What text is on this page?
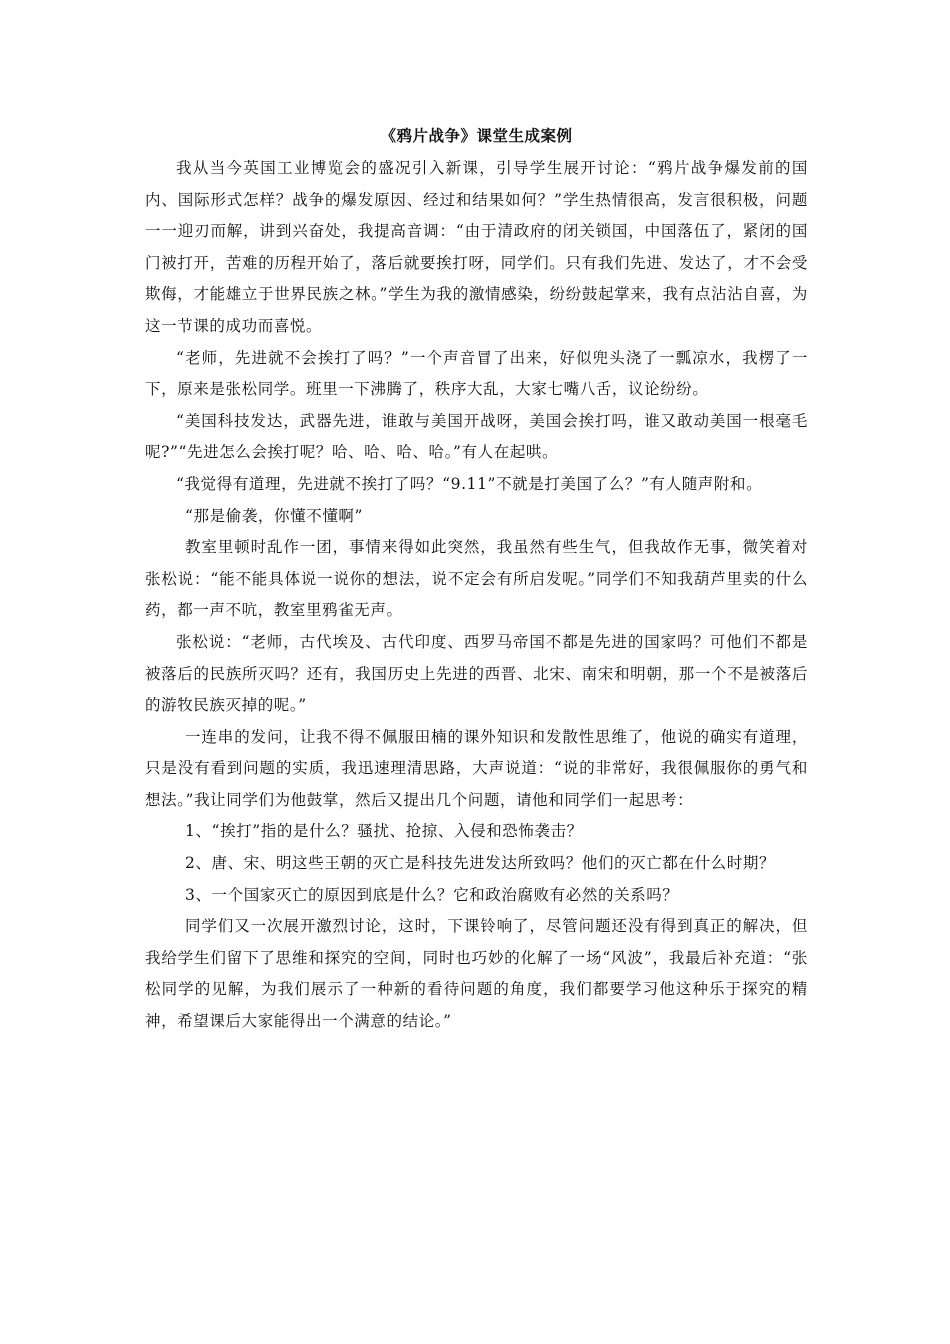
《鸦片战争》课堂生成案例

我从当今英国工业博览会的盛况引入新课，引导学生展开讨论：“鸦片战争爆发前的国内、国际形式怎样？战争的爆发原因、经过和结果如何？”学生热情很高，发言很积极，问题一一迎刃而解，讲到兴奋处，我提高音调：“由于清政府的闭关锁国，中国落伍了，紧闭的国门被打开，苦难的历程开始了，落后就要挨打呀，同学们。只有我们先进、发达了，才不会受欺侮，才能雄立于世界民族之林。”学生为我的激情感染，纷纷鼓起掌来，我有点沾沾自喜，为这一节课的成功而喜悦。

“老师，先进就不会挨打了吗？”一个声音冒了出来，好似兜头浇了一瓢凉水，我楞了一下，原来是张松同学。班里一下沸腾了，秩序大乱，大家七嘴八舌，议论纷纷。

“美国科技发达，武器先进，谁敢与美国开战呀，美国会挨打吗，谁又敢动美国一根毫毛呢?”“先进怎么会挨打呢？哈、哈、哈、哈。”有人在起哄。

“我觉得有道理，先进就不挨打了吗？“9.11”不就是打美国了么？”有人随声附和。

“那是偷袭，你懂不懂啊”

教室里顿时乱作一团，事情来得如此突然，我虽然有些生气，但我故作无事，微笑着对张松说：“能不能具体说一说你的想法，说不定会有所启发呢。”同学们不知我葫芦里卖的什么药，都一声不吭，教室里鸦雀无声。

张松说：“老师，古代埃及、古代印度、西罗马帝国不都是先进的国家吗？可他们不都是被落后的民族所灭吗？还有，我国历史上先进的西晋、北宋、南宋和明朝，那一个不是被落后的游牧民族灭掉的呢。”

一连串的发问，让我不得不佩服田楠的课外知识和发散性思维了，他说的确实有道理，只是没有看到问题的实质，我迅速理清思路，大声说道：“说的非常好，我很佩服你的勇气和想法。”我让同学们为他鼓掌，然后又提出几个问题，请他和同学们一起思考：

1、“挨打”指的是什么？骚扰、抢掠、入侵和恐怖袭击？

2、唐、宋、明这些王朝的灭亡是科技先进发达所致吗？他们的灭亡都在什么时期？

3、一个国家灭亡的原因到底是什么？它和政治腐败有必然的关系吗？

同学们又一次展开激烈讨论，这时，下课铃响了，尽管问题还没有得到真正的解决，但我给学生们留下了思维和探究的空间，同时也巧妙的化解了一场“风波”，我最后补充道：“张松同学的见解，为我们展示了一种新的看待问题的角度，我们都要学习他这种乐于探究的精神，希望课后大家能得出一个满意的结论。”
